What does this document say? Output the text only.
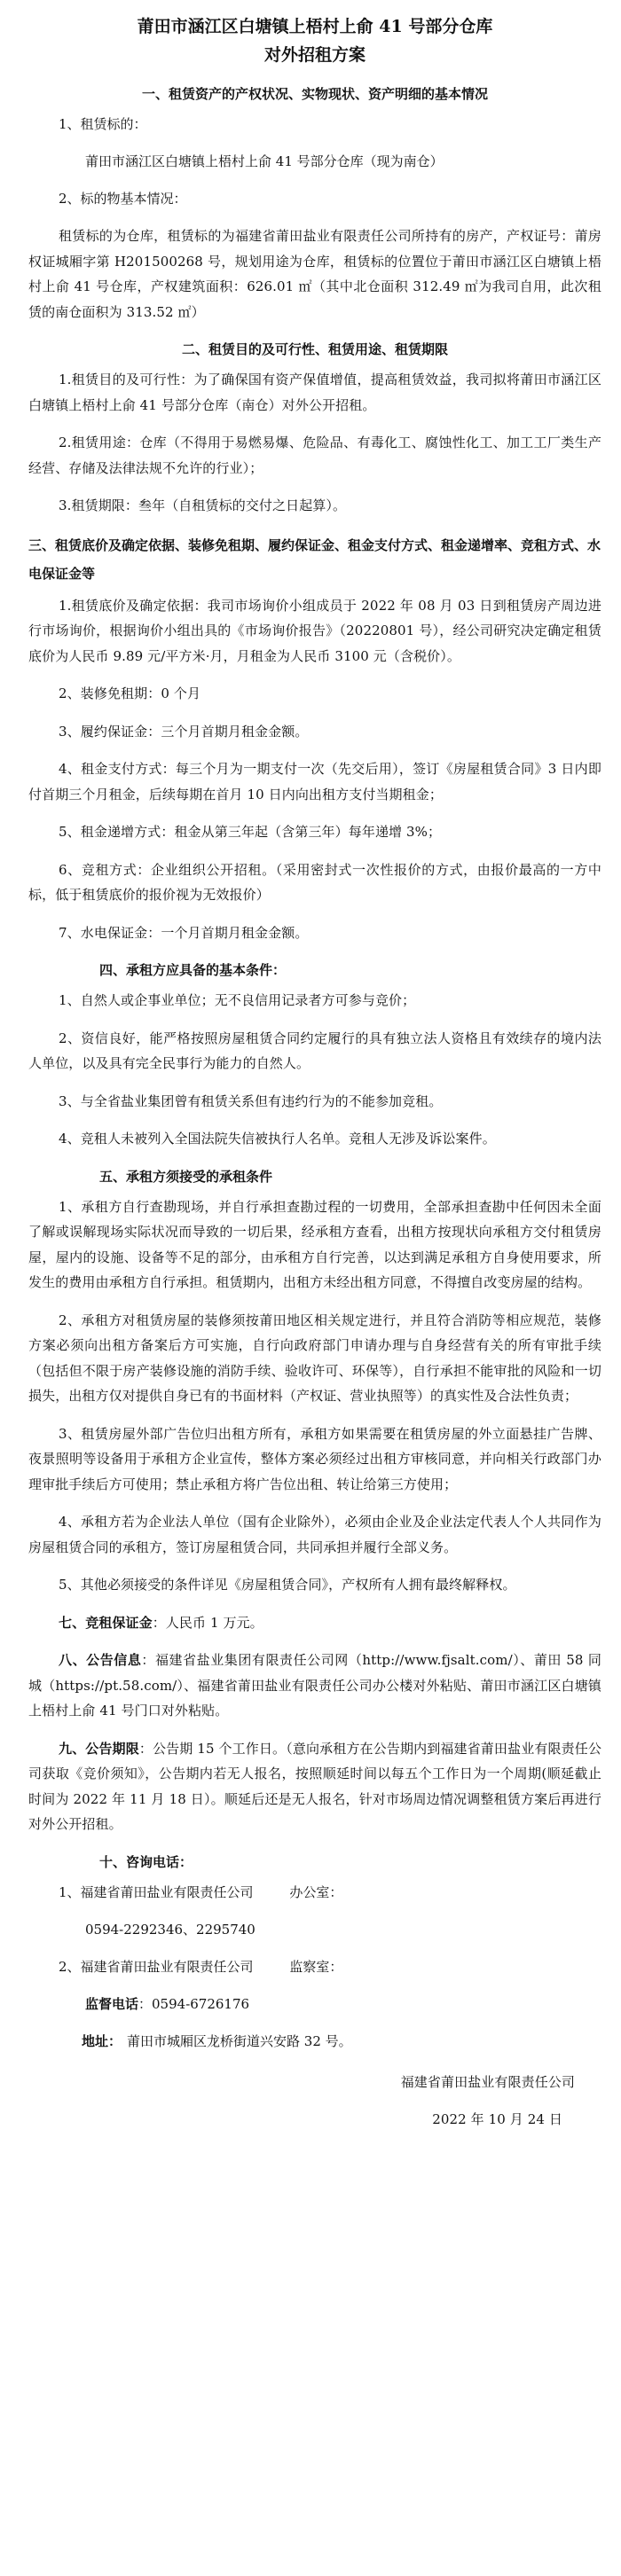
莆田市涵江区白塘镇上梧村上俞 41 号部分仓库
对外招租方案
一、租赁资产的产权状况、实物现状、资产明细的基本情况
1、租赁标的：
莆田市涵江区白塘镇上梧村上俞 41 号部分仓库（现为南仓）
2、标的物基本情况：
租赁标的为仓库，租赁标的为福建省莆田盐业有限责任公司所持有的房产，产权证号：莆房权证城厢字第 H201500268 号，规划用途为仓库，租赁标的位置位于莆田市涵江区白塘镇上梧村上俞 41 号仓库，产权建筑面积：626.01 ㎡（其中北仓面积 312.49 ㎡为我司自用，此次租赁的南仓面积为 313.52 ㎡）
二、租赁目的及可行性、租赁用途、租赁期限
1.租赁目的及可行性：为了确保国有资产保值增值，提高租赁效益，我司拟将莆田市涵江区白塘镇上梧村上俞 41 号部分仓库（南仓）对外公开招租。
2.租赁用途：仓库（不得用于易燃易爆、危险品、有毒化工、腐蚀性化工、加工工厂类生产经营、存储及法律法规不允许的行业）；
3.租赁期限：叁年（自租赁标的交付之日起算）。
三、租赁底价及确定依据、装修免租期、履约保证金、租金支付方式、租金递增率、竞租方式、水电保证金等
1.租赁底价及确定依据：我司市场询价小组成员于 2022 年 08 月 03 日到租赁房产周边进行市场询价，根据询价小组出具的《市场询价报告》（20220801 号），经公司研究决定确定租赁底价为人民币 9.89 元/平方米·月，月租金为人民币 3100 元（含税价）。
2、装修免租期：0 个月
3、履约保证金：三个月首期月租金金额。
4、租金支付方式：每三个月为一期支付一次（先交后用），签订《房屋租赁合同》3 日内即付首期三个月租金，后续每期在首月 10 日内向出租方支付当期租金；
5、租金递增方式：租金从第三年起（含第三年）每年递增 3%；
6、竞租方式：企业组织公开招租。（采用密封式一次性报价的方式，由报价最高的一方中标，低于租赁底价的报价视为无效报价）
7、水电保证金：一个月首期月租金金额。
四、承租方应具备的基本条件：
1、自然人或企事业单位；无不良信用记录者方可参与竞价；
2、资信良好，能严格按照房屋租赁合同约定履行的具有独立法人资格且有效续存的境内法人单位，以及具有完全民事行为能力的自然人。
3、与全省盐业集团曾有租赁关系但有违约行为的不能参加竞租。
4、竞租人未被列入全国法院失信被执行人名单。竞租人无涉及诉讼案件。
五、承租方须接受的承租条件
1、承租方自行查勘现场，并自行承担查勘过程的一切费用，全部承担查勘中任何因未全面了解或误解现场实际状况而导致的一切后果，经承租方查看，出租方按现状向承租方交付租赁房屋，屋内的设施、设备等不足的部分，由承租方自行完善，以达到满足承租方自身使用要求，所发生的费用由承租方自行承担。租赁期内，出租方未经出租方同意，不得擅自改变房屋的结构。
2、承租方对租赁房屋的装修须按莆田地区相关规定进行，并且符合消防等相应规范，装修方案必须向出租方备案后方可实施，自行向政府部门申请办理与自身经营有关的所有审批手续（包括但不限于房产装修设施的消防手续、验收许可、环保等），自行承担不能审批的风险和一切损失，出租方仅对提供自身已有的书面材料（产权证、营业执照等）的真实性及合法性负责；
3、租赁房屋外部广告位归出租方所有，承租方如果需要在租赁房屋的外立面悬挂广告牌、夜景照明等设备用于承租方企业宣传，整体方案必须经过出租方审核同意，并向相关行政部门办理审批手续后方可使用；禁止承租方将广告位出租、转让给第三方使用；
4、承租方若为企业法人单位（国有企业除外），必须由企业及企业法定代表人个人共同作为房屋租赁合同的承租方，签订房屋租赁合同，共同承担并履行全部义务。
5、其他必须接受的条件详见《房屋租赁合同》，产权所有人拥有最终解释权。
七、竞租保证金：人民币 1 万元。
八、公告信息：福建省盐业集团有限责任公司网（http://www.fjsalt.com/）、莆田 58 同城（https://pt.58.com/）、福建省莆田盐业有限责任公司办公楼对外粘贴、莆田市涵江区白塘镇上梧村上俞 41 号门口对外粘贴。
九、公告期限：公告期 15 个工作日。（意向承租方在公告期内到福建省莆田盐业有限责任公司获取《竞价须知》，公告期内若无人报名，按照顺延时间以每五个工作日为一个周期(顺延截止时间为 2022 年 11 月 18 日）。顺延后还是无人报名，针对市场周边情况调整租赁方案后再进行对外公开招租。
十、咨询电话：
1、福建省莆田盐业有限责任公司	办公室：
0594-2292346、2295740
2、福建省莆田盐业有限责任公司	监察室：
监督电话：0594-6726176
地址： 莆田市城厢区龙桥街道兴安路 32 号。
福建省莆田盐业有限责任公司
2022 年 10 月 24 日
